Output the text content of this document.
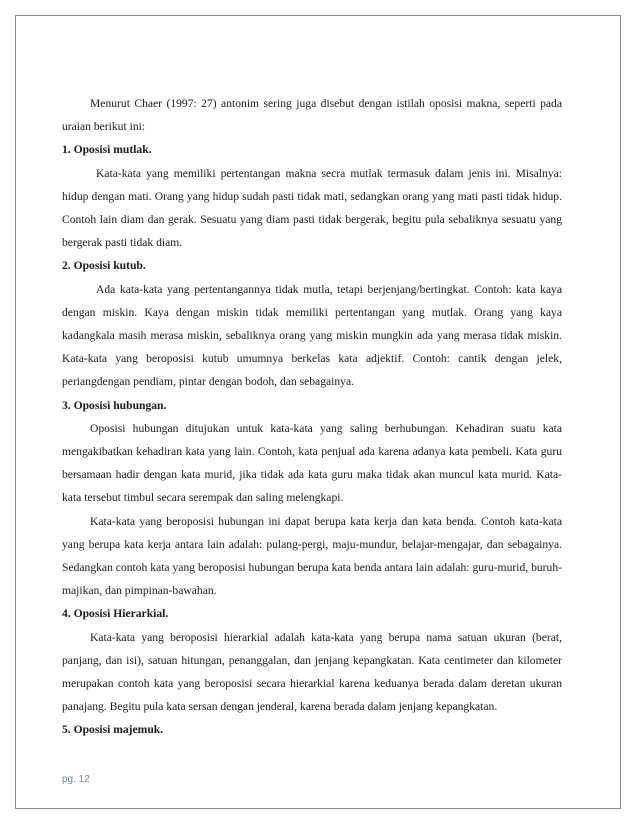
Menurut Chaer (1997: 27) antonim sering juga disebut dengan istilah oposisi makna, seperti pada uraian berikut ini:

1. Oposisi mutlak.

Kata-kata yang memiliki pertentangan makna secra mutlak termasuk dalam jenis ini. Misalnya: hidup dengan mati. Orang yang hidup sudah pasti tidak mati, sedangkan orang yang mati pasti tidak hidup. Contoh lain diam dan gerak. Sesuatu yang diam pasti tidak bergerak, begitu pula sebaliknya sesuatu yang bergerak pasti tidak diam.

2. Oposisi kutub.

Ada kata-kata yang pertentangannya tidak mutla, tetapi berjenjang/bertingkat. Contoh: kata kaya dengan miskin. Kaya dengan miskin tidak memiliki pertentangan yang mutlak. Orang yang kaya kadangkala masih merasa miskin, sebaliknya orang yang miskin mungkin ada yang merasa tidak miskin. Kata-kata yang beroposisi kutub umumnya berkelas kata adjektif. Contoh: cantik dengan jelek, periangdengan pendiam, pintar dengan bodoh, dan sebagainya.

3. Oposisi hubungan.

Oposisi hubungan ditujukan untuk kata-kata yang saling berhubungan. Kehadiran suatu kata mengakibatkan kehadiran kata yang lain. Contoh, kata penjual ada karena adanya kata pembeli. Kata guru bersamaan hadir dengan kata murid, jika tidak ada kata guru maka tidak akan muncul kata murid. Kata-kata tersebut timbul secara serempak dan saling melengkapi.

Kata-kata yang beroposisi hubungan ini dapat berupa kata kerja dan kata benda. Contoh kata-kata yang berupa kata kerja antara lain adalah: pulang-pergi, maju-mundur, belajar-mengajar, dan sebagainya. Sedangkan contoh kata yang beroposisi hubungan berupa kata benda antara lain adalah: guru-murid, buruh-majikan, dan pimpinan-bawahan.

4. Oposisi Hierarkial.

Kata-kata yang beroposisi hierarkial adalah kata-kata yang berupa nama satuan ukuran (berat, panjang, dan isi), satuan hitungan, penanggalan, dan jenjang kepangkatan. Kata centimeter dan kilometer merupakan contoh kata yang beroposisi secara hierarkial karena keduanya berada dalam deretan ukuran panajang. Begitu pula kata sersan dengan jenderal, karena berada dalam jenjang kepangkatan.

5. Oposisi majemuk.
pg. 12
